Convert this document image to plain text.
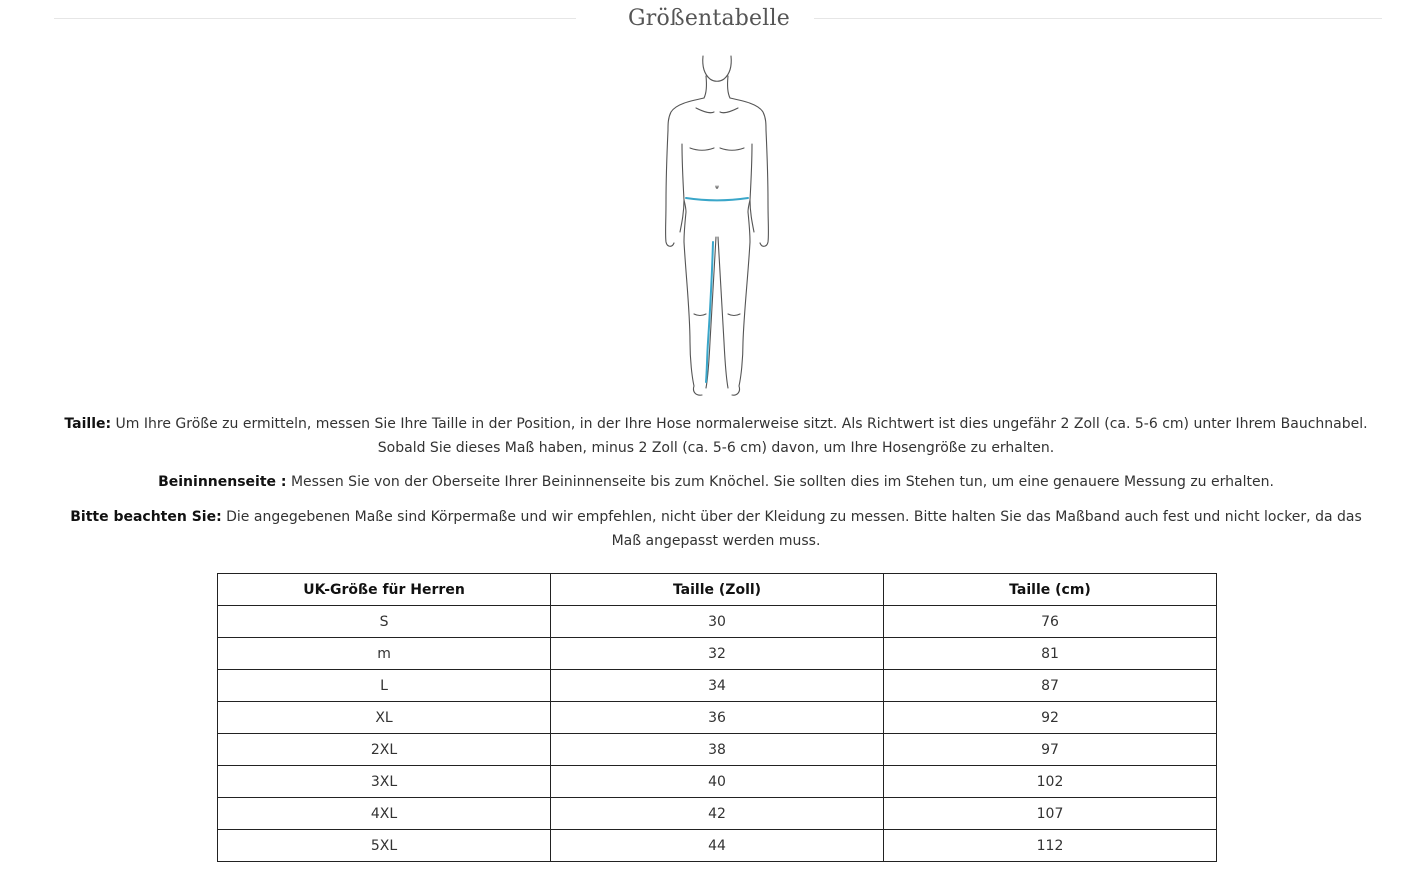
Größentabelle
Taille: Um Ihre Größe zu ermitteln, messen Sie Ihre Taille in der Position, in der Ihre Hose normalerweise sitzt. Als Richtwert ist dies ungefähr 2 Zoll (ca. 5-6 cm) unter Ihrem Bauchnabel. Sobald Sie dieses Maß haben, minus 2 Zoll (ca. 5-6 cm) davon, um Ihre Hosengröße zu erhalten.
Beininnenseite : Messen Sie von der Oberseite Ihrer Beininnenseite bis zum Knöchel. Sie sollten dies im Stehen tun, um eine genauere Messung zu erhalten.
Bitte beachten Sie: Die angegebenen Maße sind Körpermaße und wir empfehlen, nicht über der Kleidung zu messen. Bitte halten Sie das Maßband auch fest und nicht locker, da das Maß angepasst werden muss.
UK-Größe für Herren	Taille (Zoll)	Taille (cm)
S	30	76
m	32	81
L	34	87
XL	36	92
2XL	38	97
3XL	40	102
4XL	42	107
5XL	44	112
